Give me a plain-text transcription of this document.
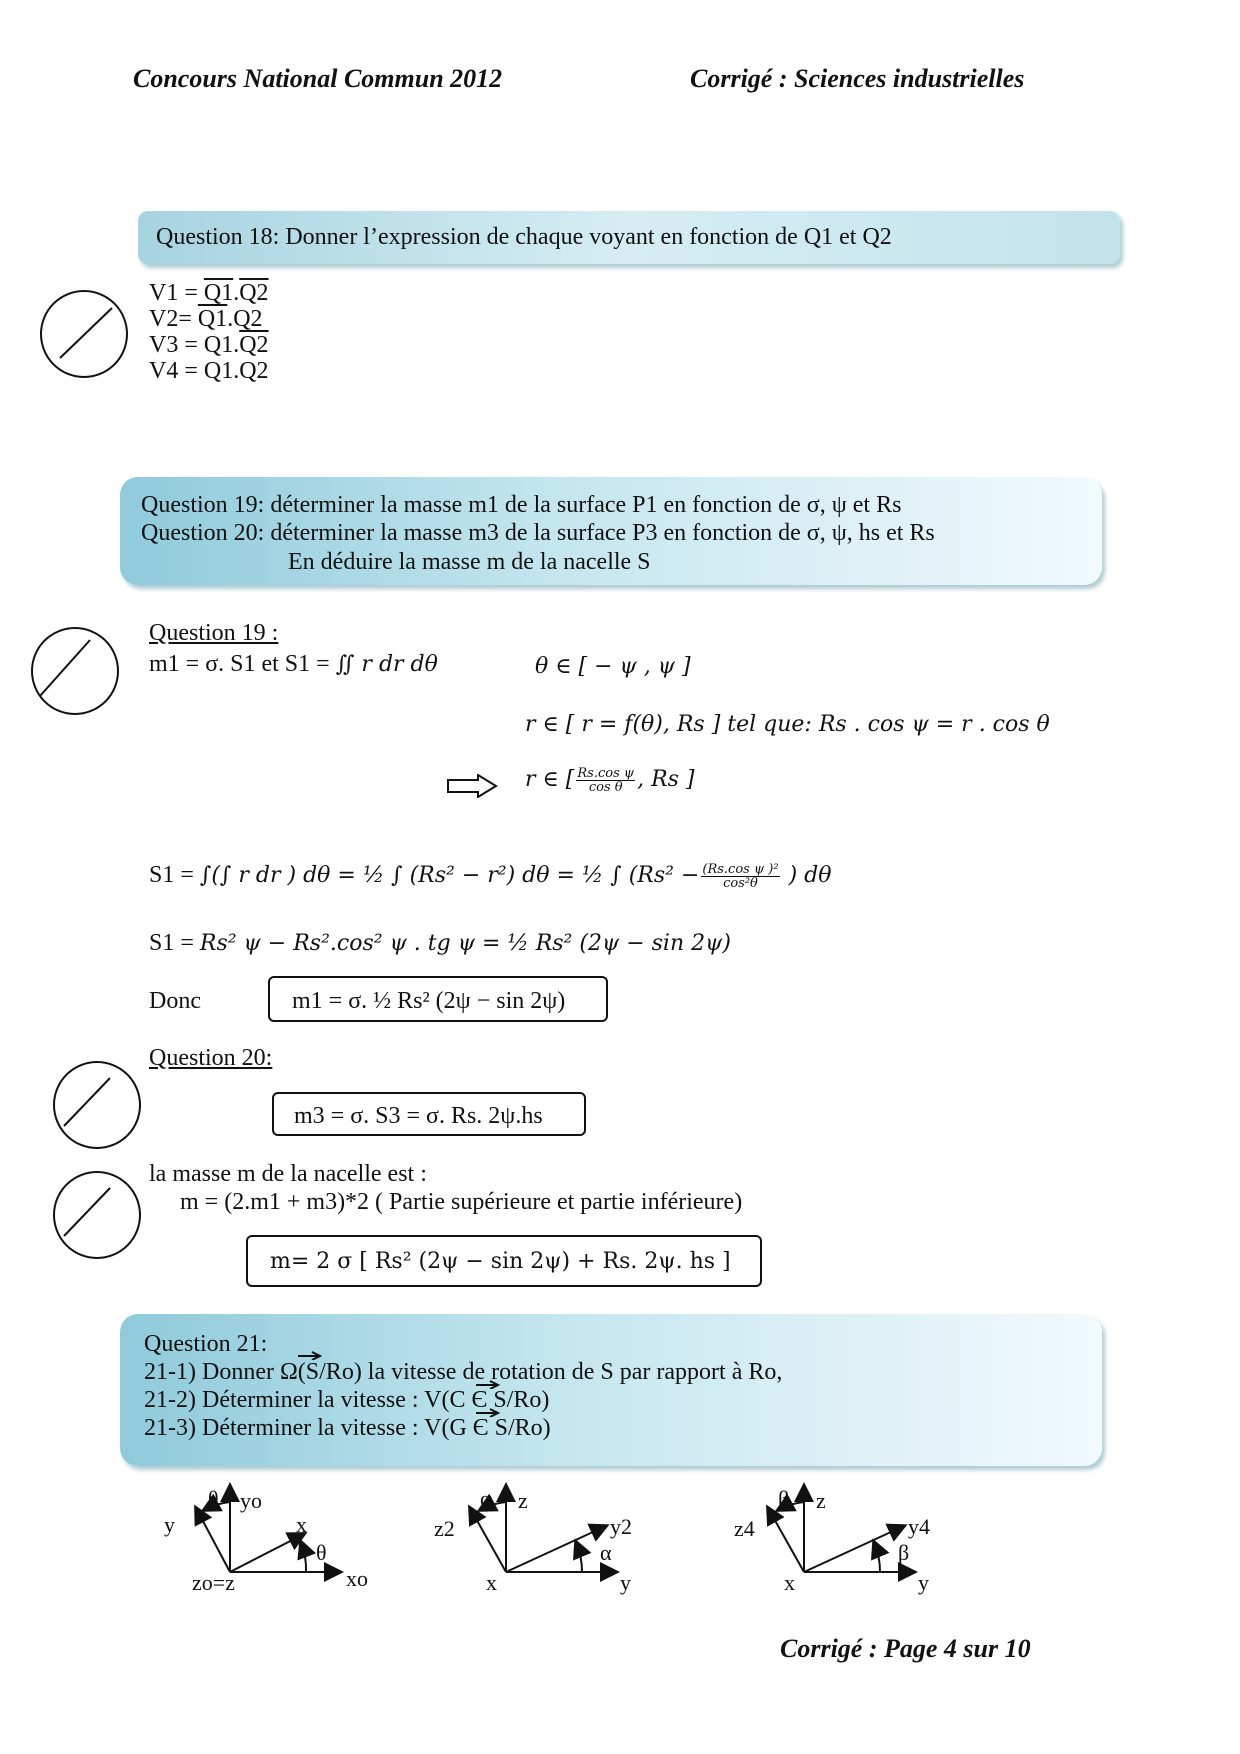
Concours National Commun 2012	Corrigé : Sciences industrielles
Question 18: Donner l’expression de chaque voyant en fonction de Q1 et Q2
V1 = Q1.Q2
V2= Q1.Q2
V3 = Q1.Q2
V4 = Q1.Q2
Question 19: déterminer la masse m1 de la surface P1 en fonction de σ, ψ et Rs
Question 20: déterminer la masse m3 de la surface P3 en fonction de σ, ψ, hs et Rs
En déduire la masse m de la nacelle S
Question 19 :
m1 = σ. S1 et S1 = ∬ r dr dθ	θ ∈ [ − ψ , ψ ]
r ∈ [ r = f(θ), Rs ] tel que: Rs . cos ψ = r . cos θ
r ∈ [ $\frac{\text{Rs.cos ψ}}{\text{cos θ}}$ , Rs ]
S1 = ∫(∫ r dr ) dθ = ½ ∫ (Rs² − r²) dθ = ½ ∫ ($Rs^2 - \frac{\text{(Rs.cos ψ )²}}{\text{cos²θ}}$ ) dθ
S1 = Rs² ψ − Rs².cos² ψ . tg ψ = ½ Rs² (2ψ − sin 2ψ)
Donc	m1 = σ. ½ Rs² (2ψ − sin 2ψ)
Question 20:
m3 = σ. S3 = σ. Rs. 2ψ.hs
la masse m de la nacelle est :
m = (2.m1 + m3)*2 ( Partie supérieure et partie inférieure)
m= 2 σ [ Rs² (2ψ − sin 2ψ) + Rs. 2ψ. hs ]
Question 21:
21-1) Donner Ω(S/Ro) la vitesse de rotation de S par rapport à Ro,
21-2) Déterminer la vitesse : V(C Є S/Ro)
21-3) Déterminer la vitesse : V(G Є S/Ro)
yo
xo
zo=z
y	x
θ
θ	z
y
x
z2	y2
α
α	z
y
x
z4	y4
β
β
Corrigé : Page 4 sur 10
